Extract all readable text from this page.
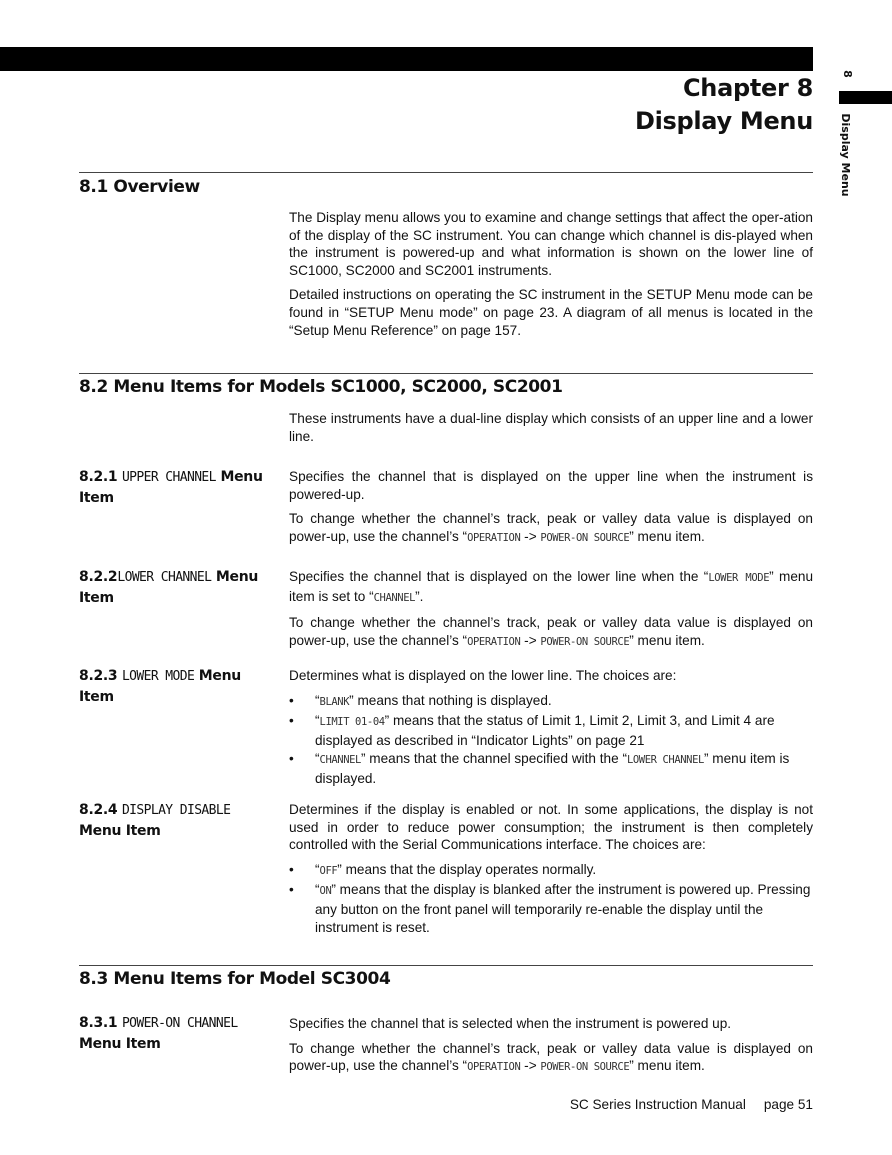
8
Display Menu
Chapter 8
Display Menu
8.1 Overview

The Display menu allows you to examine and change settings that affect the oper-ation of the display of the SC instrument. You can change which channel is dis-played when the instrument is powered-up and what information is shown on the lower line of SC1000, SC2000 and SC2001 instruments.

Detailed instructions on operating the SC instrument in the SETUP Menu mode can be found in “SETUP Menu mode” on page 23. A diagram of all menus is located in the “Setup Menu Reference” on page 157.

8.2 Menu Items for Models SC1000, SC2000, SC2001

These instruments have a dual-line display which consists of an upper line and a lower line.

8.2.1 UPPER CHANNEL Menu Item

Specifies the channel that is displayed on the upper line when the instrument is powered-up.

To change whether the channel’s track, peak or valley data value is displayed on power-up, use the channel’s “OPERATION -> POWER-ON SOURCE” menu item.

8.2.2LOWER CHANNEL Menu Item

Specifies the channel that is displayed on the lower line when the “LOWER MODE” menu item is set to “CHANNEL”.

To change whether the channel’s track, peak or valley data value is displayed on power-up, use the channel’s “OPERATION -> POWER-ON SOURCE” menu item.

8.2.3 LOWER MODE Menu Item

Determines what is displayed on the lower line. The choices are:

• “BLANK” means that nothing is displayed.
• “LIMIT 01-04” means that the status of Limit 1, Limit 2, Limit 3, and Limit 4 are displayed as described in “Indicator Lights” on page 21
• “CHANNEL” means that the channel specified with the “LOWER CHANNEL” menu item is displayed.
8.2.4 DISPLAY DISABLE
Menu Item

Determines if the display is enabled or not. In some applications, the display is not used in order to reduce power consumption; the instrument is then completely controlled with the Serial Communications interface. The choices are:

• “OFF” means that the display operates normally.
• “ON” means that the display is blanked after the instrument is powered up. Pressing any button on the front panel will temporarily re-enable the display until the instrument is reset.
8.3 Menu Items for Model SC3004
8.3.1 POWER-ON CHANNEL
Menu Item

Specifies the channel that is selected when the instrument is powered up.

To change whether the channel’s track, peak or valley data value is displayed on power-up, use the channel’s “OPERATION -> POWER-ON SOURCE” menu item.

SC Series Instruction Manual page 51
